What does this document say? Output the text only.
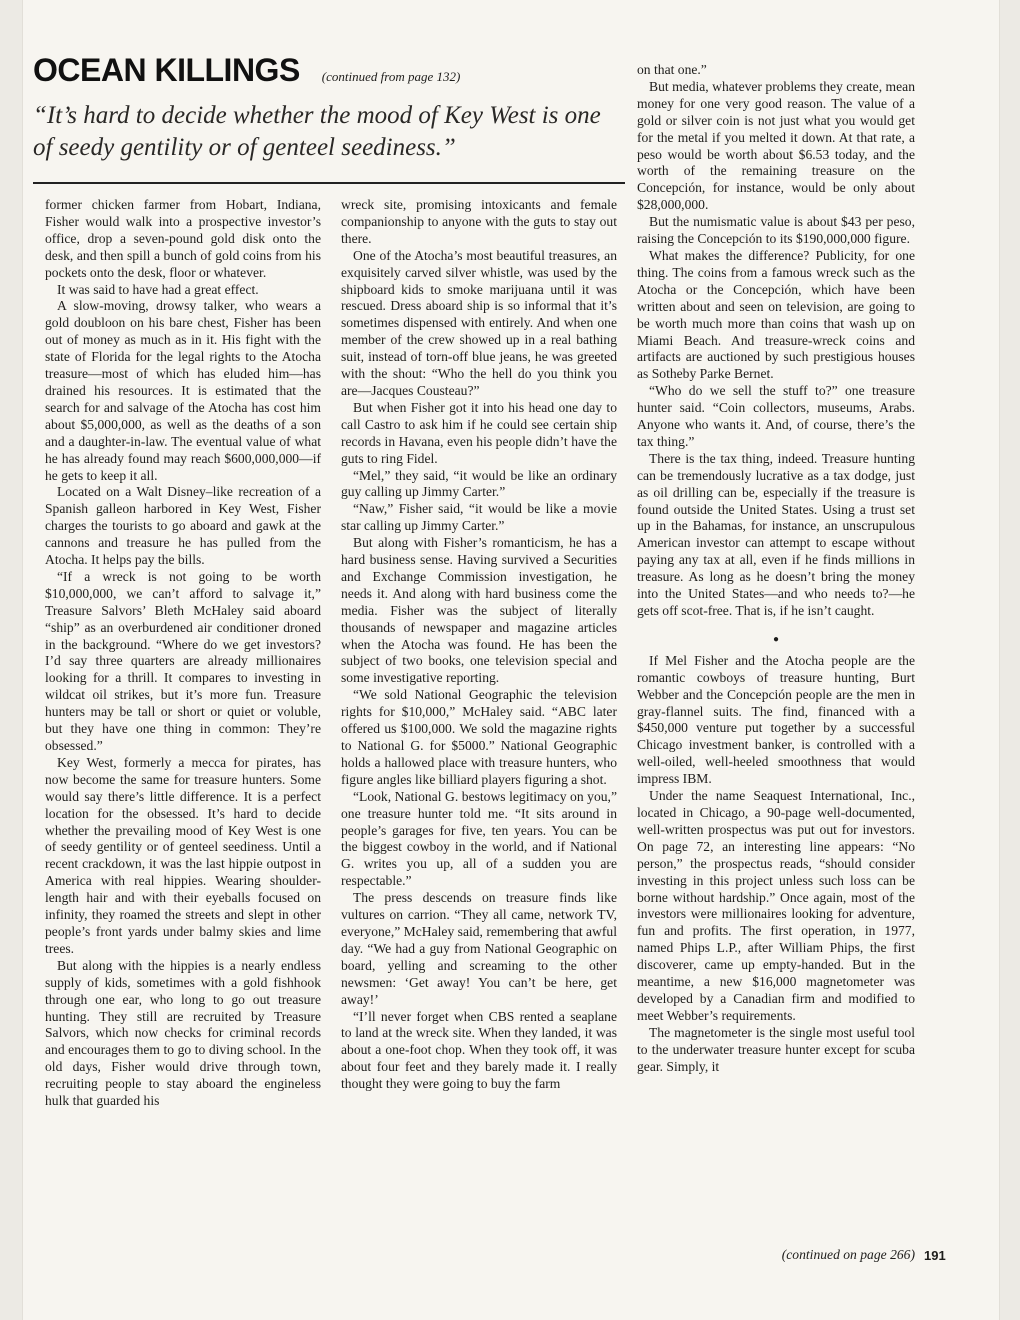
OCEAN KILLINGS (continued from page 132)
“It’s hard to decide whether the mood of Key West is one of seedy gentility or of genteel seediness.”

former chicken farmer from Hobart, Indiana, Fisher would walk into a prospective investor’s office, drop a seven-pound gold disk onto the desk, and then spill a bunch of gold coins from his pockets onto the desk, floor or whatever.

It was said to have had a great effect.

A slow-moving, drowsy talker, who wears a gold doubloon on his bare chest, Fisher has been out of money as much as in it. His fight with the state of Florida for the legal rights to the Atocha treasure—most of which has eluded him—has drained his resources. It is estimated that the search for and salvage of the Atocha has cost him about $5,000,000, as well as the deaths of a son and a daughter-in-law. The eventual value of what he has already found may reach $600,000,000—if he gets to keep it all.

Located on a Walt Disney–like recreation of a Spanish galleon harbored in Key West, Fisher charges the tourists to go aboard and gawk at the cannons and treasure he has pulled from the Atocha. It helps pay the bills.

“If a wreck is not going to be worth $10,000,000, we can’t afford to salvage it,” Treasure Salvors’ Bleth McHaley said aboard “ship” as an overburdened air conditioner droned in the background. “Where do we get investors? I’d say three quarters are already millionaires looking for a thrill. It compares to investing in wildcat oil strikes, but it’s more fun. Treasure hunters may be tall or short or quiet or voluble, but they have one thing in common: They’re obsessed.”

Key West, formerly a mecca for pirates, has now become the same for treasure hunters. Some would say there’s little difference. It is a perfect location for the obsessed. It’s hard to decide whether the prevailing mood of Key West is one of seedy gentility or of genteel seediness. Until a recent crackdown, it was the last hippie outpost in America with real hippies. Wearing shoulder-length hair and with their eyeballs focused on infinity, they roamed the streets and slept in other people’s front yards under balmy skies and lime trees.

But along with the hippies is a nearly endless supply of kids, sometimes with a gold fishhook through one ear, who long to go out treasure hunting. They still are recruited by Treasure Salvors, which now checks for criminal records and encourages them to go to diving school. In the old days, Fisher would drive through town, recruiting people to stay aboard the engineless hulk that guarded his

wreck site, promising intoxicants and female companionship to anyone with the guts to stay out there.

One of the Atocha’s most beautiful treasures, an exquisitely carved silver whistle, was used by the shipboard kids to smoke marijuana until it was rescued. Dress aboard ship is so informal that it’s sometimes dispensed with entirely. And when one member of the crew showed up in a real bathing suit, instead of torn-off blue jeans, he was greeted with the shout: “Who the hell do you think you are—Jacques Cousteau?”

But when Fisher got it into his head one day to call Castro to ask him if he could see certain ship records in Havana, even his people didn’t have the guts to ring Fidel.

“Mel,” they said, “it would be like an ordinary guy calling up Jimmy Carter.”

“Naw,” Fisher said, “it would be like a movie star calling up Jimmy Carter.”

But along with Fisher’s romanticism, he has a hard business sense. Having survived a Securities and Exchange Commission investigation, he needs it. And along with hard business come the media. Fisher was the subject of literally thousands of newspaper and magazine articles when the Atocha was found. He has been the subject of two books, one television special and some investigative reporting.

“We sold National Geographic the television rights for $10,000,” McHaley said. “ABC later offered us $100,000. We sold the magazine rights to National G. for $5000.” National Geographic holds a hallowed place with treasure hunters, who figure angles like billiard players figuring a shot.

“Look, National G. bestows legitimacy on you,” one treasure hunter told me. “It sits around in people’s garages for five, ten years. You can be the biggest cowboy in the world, and if National G. writes you up, all of a sudden you are respectable.”

The press descends on treasure finds like vultures on carrion. “They all came, network TV, everyone,” McHaley said, remembering that awful day. “We had a guy from National Geographic on board, yelling and screaming to the other newsmen: ‘Get away! You can’t be here, get away!’

“I’ll never forget when CBS rented a seaplane to land at the wreck site. When they landed, it was about a one-foot chop. When they took off, it was about four feet and they barely made it. I really thought they were going to buy the farm

on that one.”

But media, whatever problems they create, mean money for one very good reason. The value of a gold or silver coin is not just what you would get for the metal if you melted it down. At that rate, a peso would be worth about $6.53 today, and the worth of the remaining treasure on the Concepción, for instance, would be only about $28,000,000.

But the numismatic value is about $43 per peso, raising the Concepción to its $190,000,000 figure.

What makes the difference? Publicity, for one thing. The coins from a famous wreck such as the Atocha or the Concepción, which have been written about and seen on television, are going to be worth much more than coins that wash up on Miami Beach. And treasure-wreck coins and artifacts are auctioned by such prestigious houses as Sotheby Parke Bernet.

“Who do we sell the stuff to?” one treasure hunter said. “Coin collectors, museums, Arabs. Anyone who wants it. And, of course, there’s the tax thing.”

There is the tax thing, indeed. Treasure hunting can be tremendously lucrative as a tax dodge, just as oil drilling can be, especially if the treasure is found outside the United States. Using a trust set up in the Bahamas, for instance, an unscrupulous American investor can attempt to escape without paying any tax at all, even if he finds millions in treasure. As long as he doesn’t bring the money into the United States—and who needs to?—he gets off scot-free. That is, if he isn’t caught.

●

If Mel Fisher and the Atocha people are the romantic cowboys of treasure hunting, Burt Webber and the Concepción people are the men in gray-flannel suits. The find, financed with a $450,000 venture put together by a successful Chicago investment banker, is controlled with a well-oiled, well-heeled smoothness that would impress IBM.

Under the name Seaquest International, Inc., located in Chicago, a 90-page well-documented, well-written prospectus was put out for investors. On page 72, an interesting line appears: “No person,” the prospectus reads, “should consider investing in this project unless such loss can be borne without hardship.” Once again, most of the investors were millionaires looking for adventure, fun and profits. The first operation, in 1977, named Phips L.P., after William Phips, the first discoverer, came up empty-handed. But in the meantime, a new $16,000 magnetometer was developed by a Canadian firm and modified to meet Webber’s requirements.

The magnetometer is the single most useful tool to the underwater treasure hunter except for scuba gear. Simply, it

(continued on page 266) 191
